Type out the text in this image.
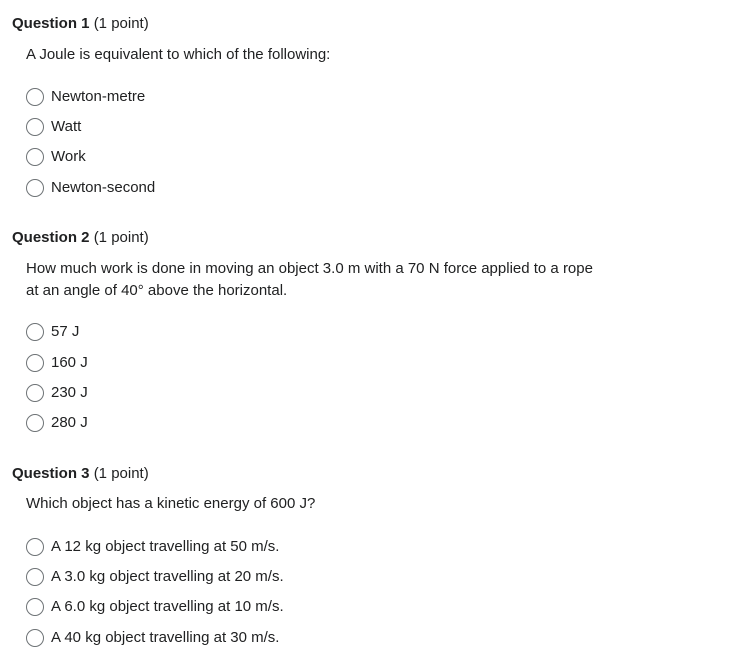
Question 1 (1 point)
A Joule is equivalent to which of the following:
Newton-metre
Watt
Work
Newton-second
Question 2 (1 point)
How much work is done in moving an object 3.0 m with a 70 N force applied to a rope at an angle of 40° above the horizontal.
57 J
160 J
230 J
280 J
Question 3 (1 point)
Which object has a kinetic energy of 600 J?
A 12 kg object travelling at 50 m/s.
A 3.0 kg object travelling at 20 m/s.
A 6.0 kg object travelling at 10 m/s.
A 40 kg object travelling at 30 m/s.
